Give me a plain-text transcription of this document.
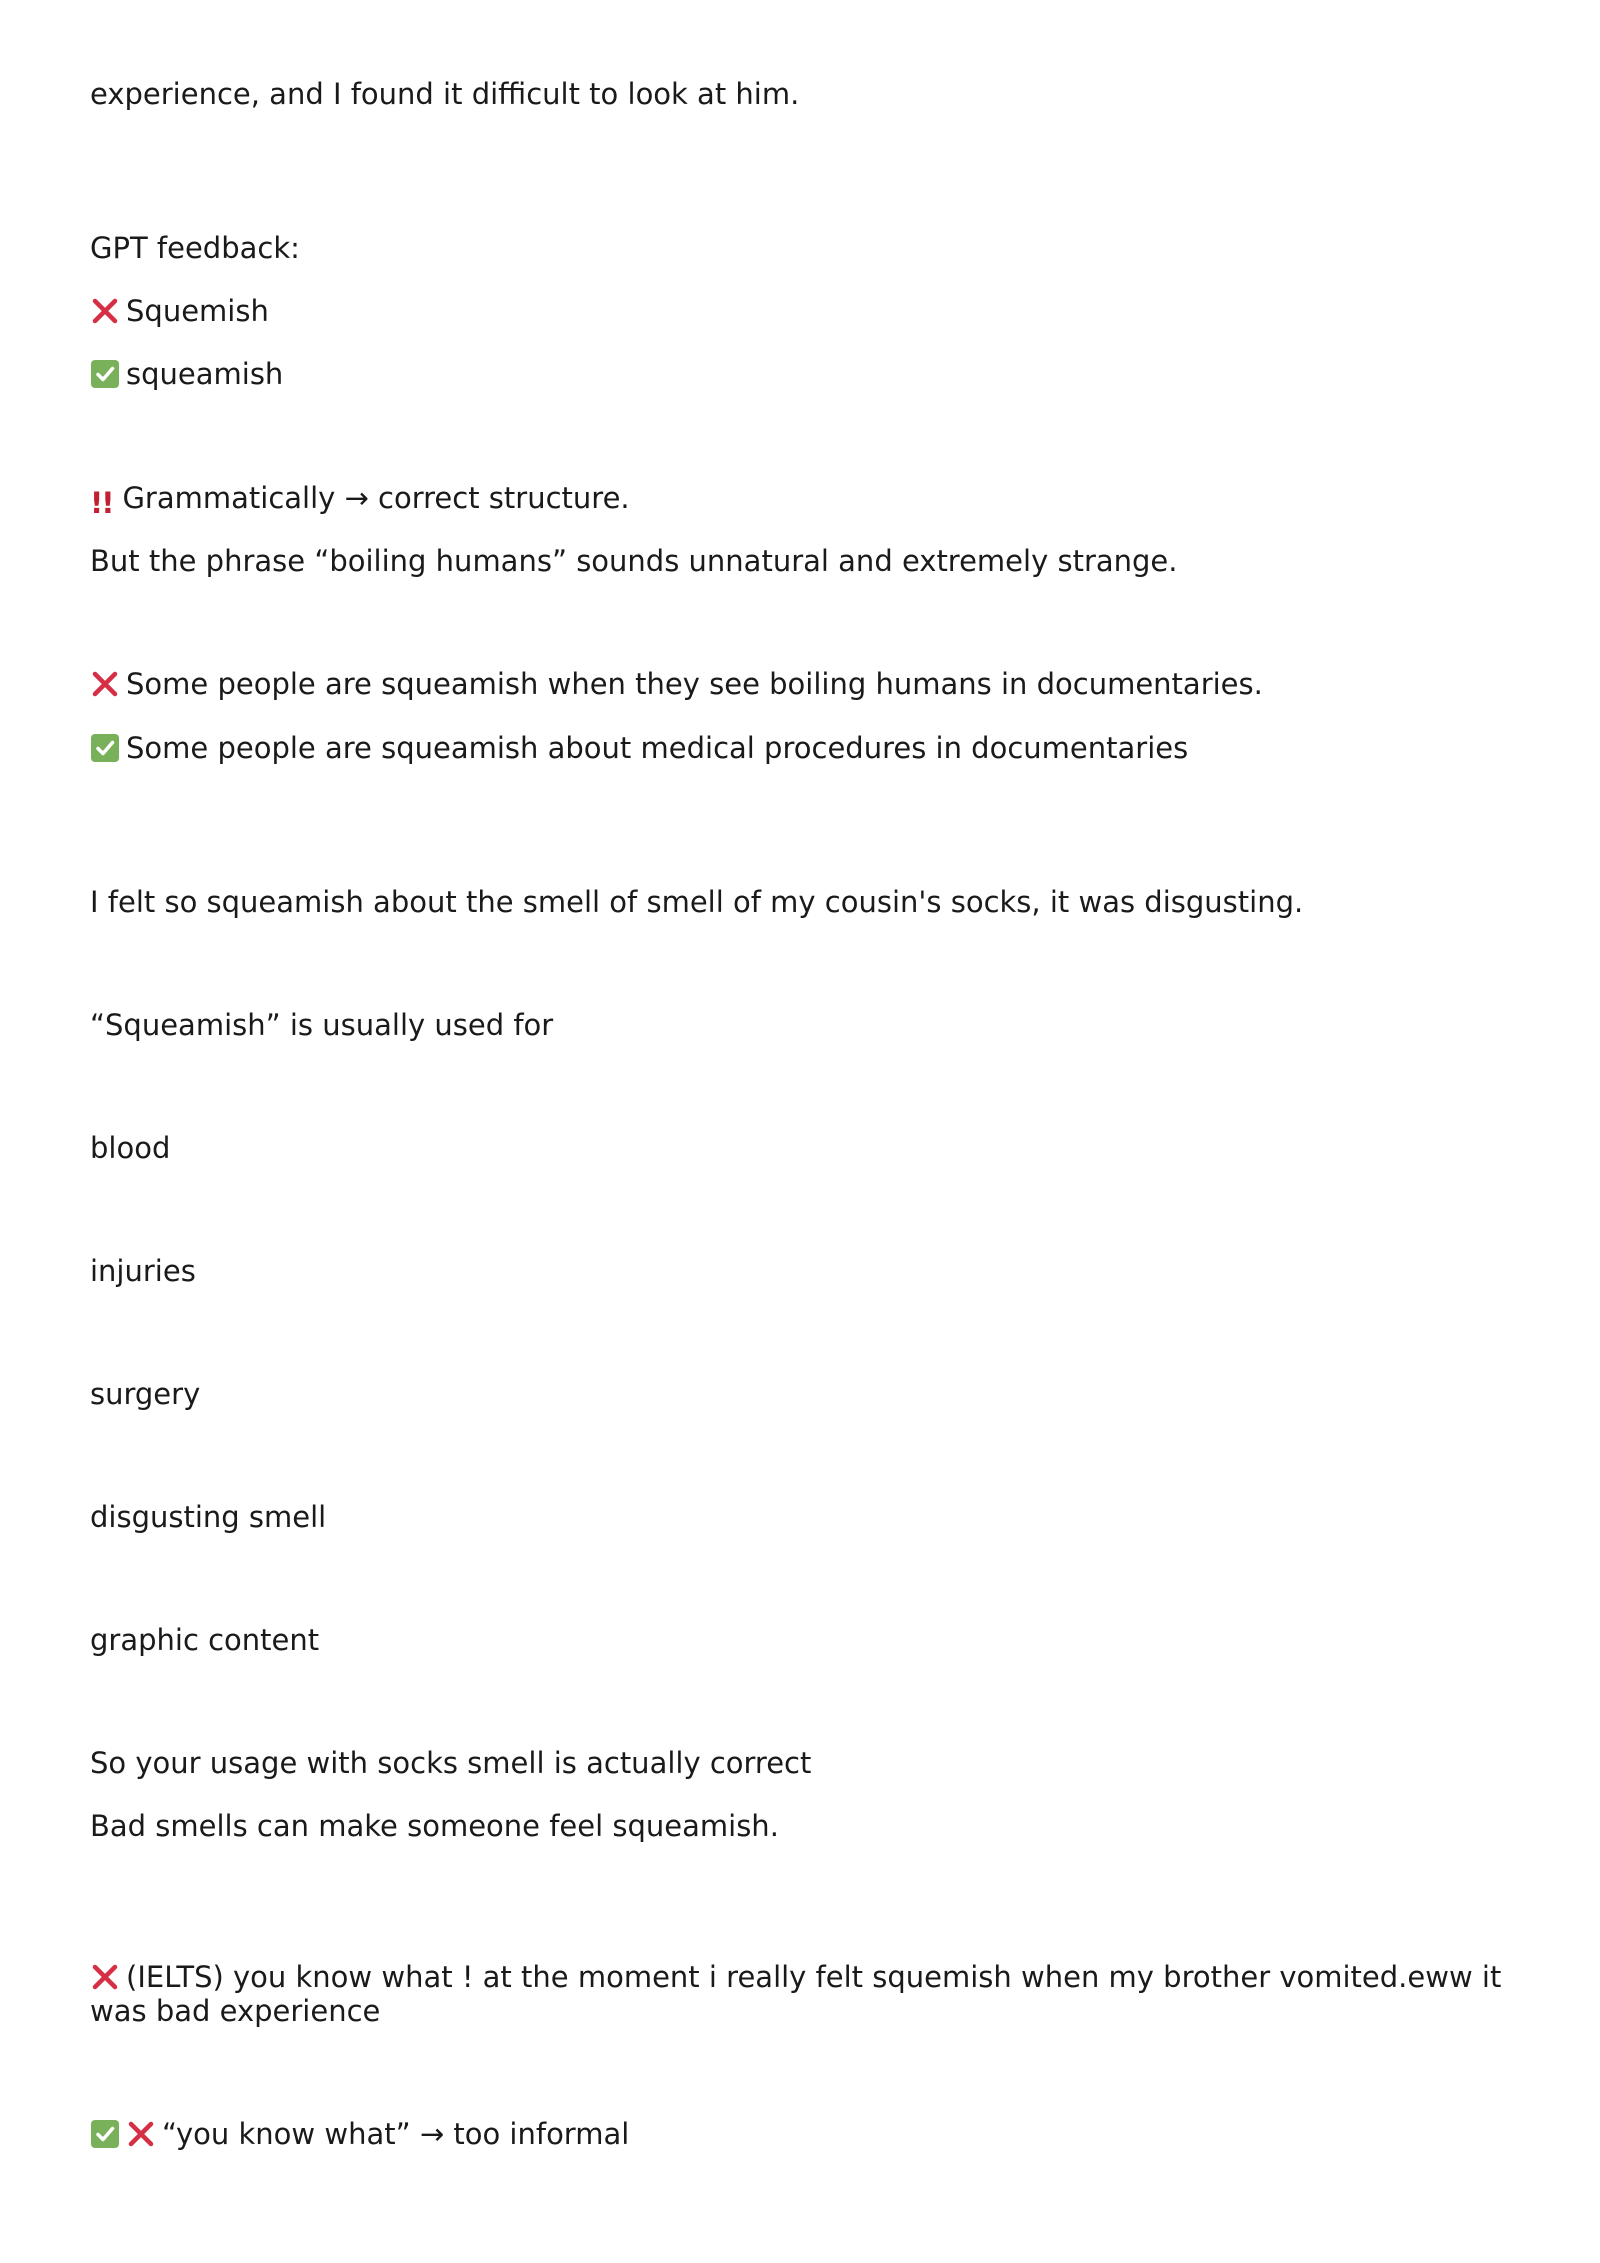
experience, and I found it difficult to look at him.
GPT feedback:
Squemish
squeamish
!! Grammatically → correct structure.
But the phrase “boiling humans” sounds unnatural and extremely strange.
Some people are squeamish when they see boiling humans in documentaries.
Some people are squeamish about medical procedures in documentaries
I felt so squeamish about the smell of smell of my cousin's socks, it was disgusting.
“Squeamish” is usually used for
blood
injuries
surgery
disgusting smell
graphic content
So your usage with socks smell is actually correct
Bad smells can make someone feel squeamish.
(IELTS) you know what ! at the moment i really felt squemish when my brother vomited.eww it was bad experience
“you know what” → too informal
